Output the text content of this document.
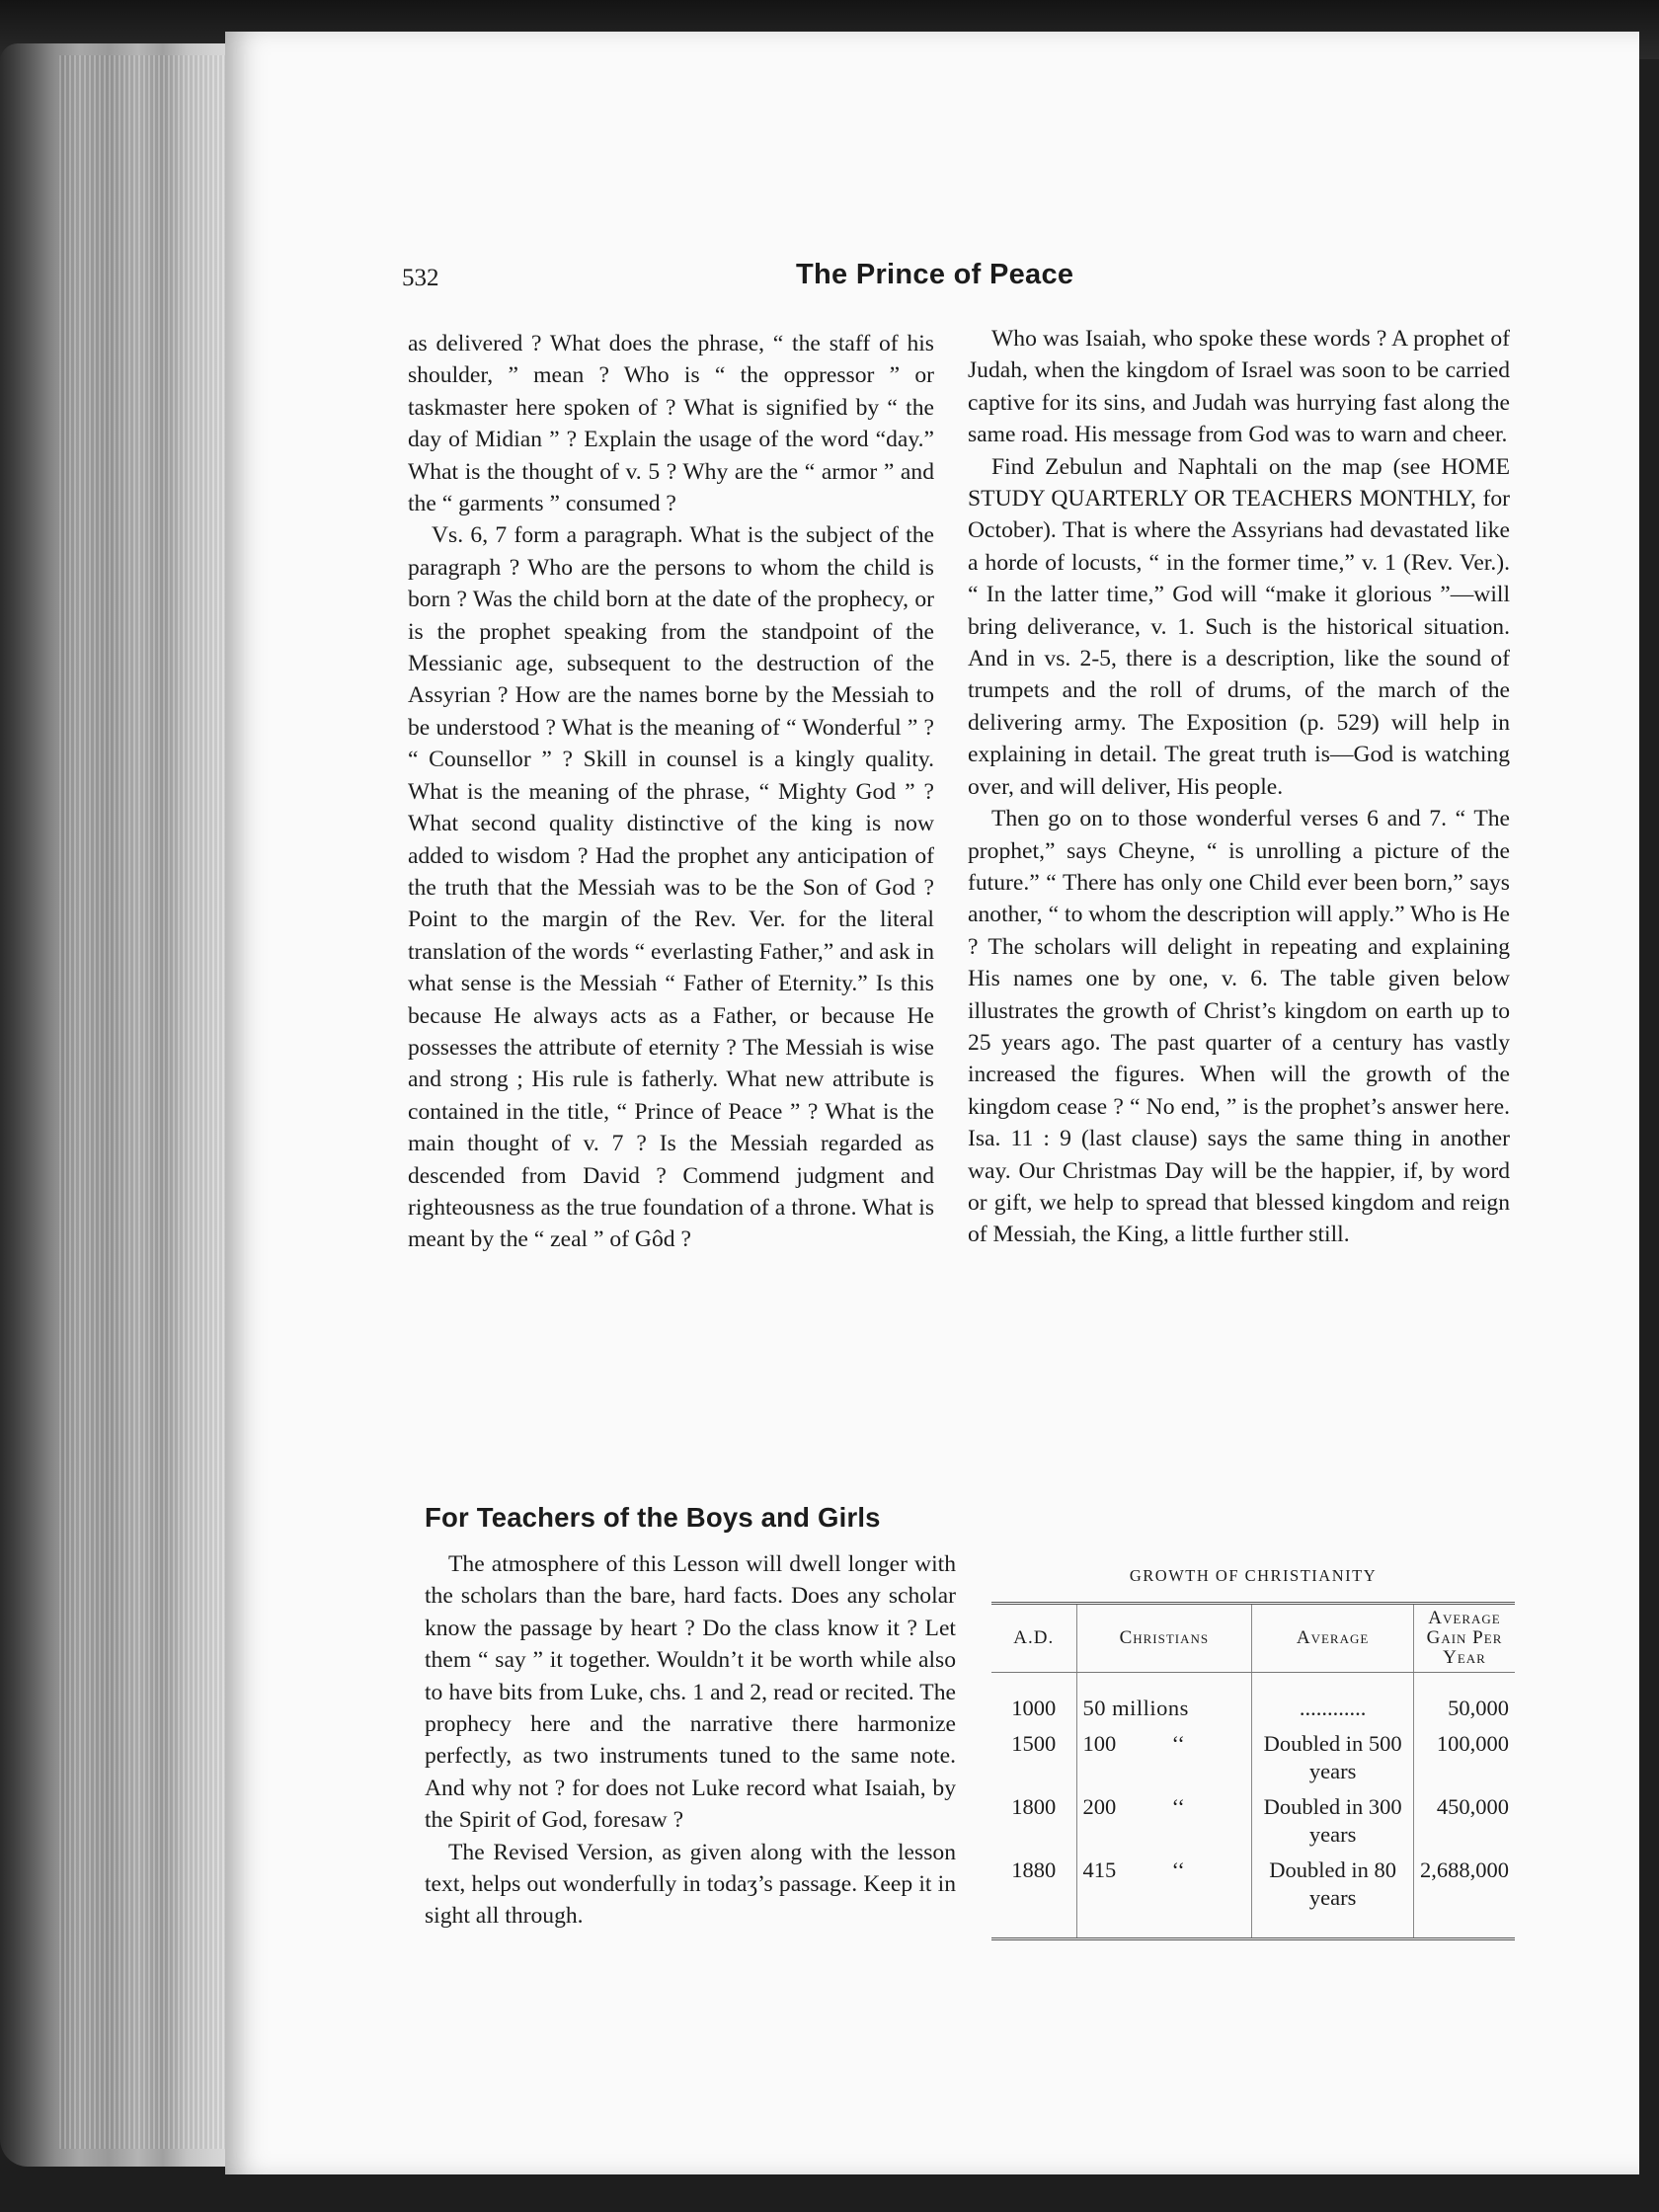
532	The Prince of Peace

as delivered ? What does the phrase, “ the staff of his shoulder, ” mean ? Who is “ the oppressor ” or taskmaster here spoken of ? What is signified by “ the day of Midian ” ? Explain the usage of the word “day.” What is the thought of v. 5 ? Why are the “ armor ” and the “ garments ” consumed ?

Vs. 6, 7 form a paragraph. What is the subject of the paragraph ? Who are the persons to whom the child is born ? Was the child born at the date of the prophecy, or is the prophet speaking from the standpoint of the Messianic age, subsequent to the destruction of the Assyrian ? How are the names borne by the Messiah to be understood ? What is the meaning of “ Wonderful ” ? “ Counsellor ” ? Skill in counsel is a kingly quality. What is the meaning of the phrase, “ Mighty God ” ? What second quality distinctive of the king is now added to wisdom ? Had the prophet any anticipation of the truth that the Messiah was to be the Son of God ? Point to the margin of the Rev. Ver. for the literal translation of the words “ everlasting Father,” and ask in what sense is the Messiah “ Father of Eternity.” Is this because He always acts as a Father, or because He possesses the attribute of eternity ? The Messiah is wise and strong ; His rule is fatherly. What new attribute is contained in the title, “ Prince of Peace ” ? What is the main thought of v. 7 ? Is the Messiah regarded as descended from David ? Commend judgment and righteousness as the true foundation of a throne. What is meant by the “ zeal ” of Gôd ?

For Teachers of the Boys and Girls

The atmosphere of this Lesson will dwell longer with the scholars than the bare, hard facts. Does any scholar know the passage by heart ? Do the class know it ? Let them “ say ” it together. Wouldn’t it be worth while also to have bits from Luke, chs. 1 and 2, read or recited. The prophecy here and the narrative there harmonize perfectly, as two instruments tuned to the same note. And why not ? for does not Luke record what Isaiah, by the Spirit of God, foresaw ?

The Revised Version, as given along with the lesson text, helps out wonderfully in todaʒ’s passage. Keep it in sight all through.

Who was Isaiah, who spoke these words ? A prophet of Judah, when the kingdom of Israel was soon to be carried captive for its sins, and Judah was hurrying fast along the same road. His message from God was to warn and cheer.

Find Zebulun and Naphtali on the map (see HOME STUDY QUARTERLY OR TEACHERS MONTHLY, for October). That is where the Assyrians had devastated like a horde of locusts, “ in the former time,” v. 1 (Rev. Ver.). “ In the latter time,” God will “make it glorious ”—will bring deliverance, v. 1. Such is the historical situation. And in vs. 2-5, there is a description, like the sound of trumpets and the roll of drums, of the march of the delivering army. The Exposition (p. 529) will help in explaining in detail. The great truth is—God is watching over, and will deliver, His people.

Then go on to those wonderful verses 6 and 7. “ The prophet,” says Cheyne, “ is unrolling a picture of the future.” “ There has only one Child ever been born,” says another, “ to whom the description will apply.” Who is He ? The scholars will delight in repeating and explaining His names one by one, v. 6. The table given below illustrates the growth of Christ’s kingdom on earth up to 25 years ago. The past quarter of a century has vastly increased the figures. When will the growth of the kingdom cease ? “ No end, ” is the prophet’s answer here. Isa. 11 : 9 (last clause) says the same thing in another way. Our Christmas Day will be the happier, if, by word or gift, we help to spread that blessed kingdom and reign of Messiah, the King, a little further still.

GROWTH OF CHRISTIANITY
A.D.	Christians	Average	Average Gain Per Year
1000	50 millions	............	50,000
1500	100 ‘‘	Doubled in 500 years	100,000
1800	200 ‘‘	Doubled in 300 years	450,000
1880	415 ‘‘	Doubled in 80 years	2,688,000
